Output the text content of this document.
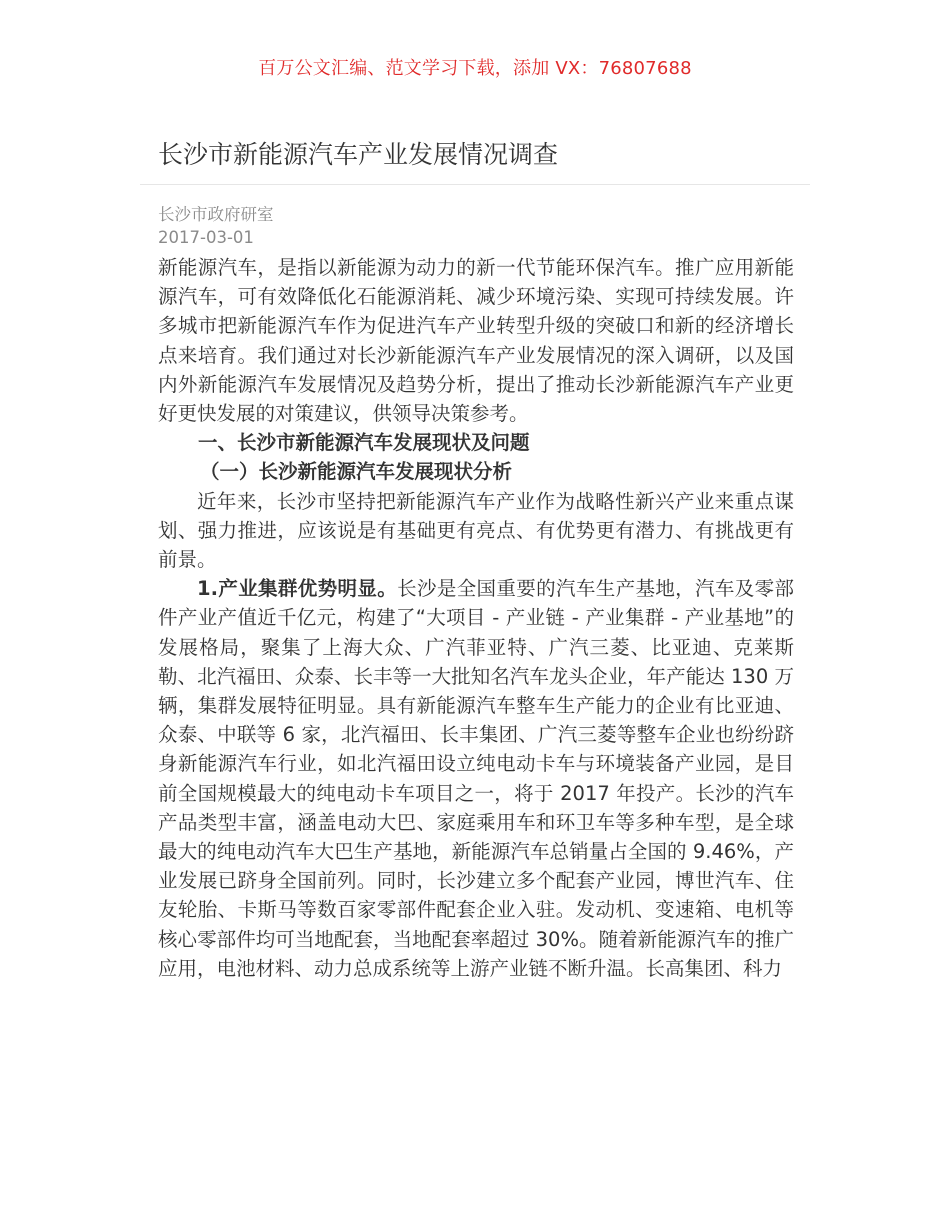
百万公文汇编、范文学习下载，添加 VX：76807688
长沙市新能源汽车产业发展情况调查
长沙市政府研室
2017-03-01

新能源汽车，是指以新能源为动力的新一代节能环保汽车。推广应用新能源汽车，可有效降低化石能源消耗、减少环境污染、实现可持续发展。许多城市把新能源汽车作为促进汽车产业转型升级的突破口和新的经济增长点来培育。我们通过对长沙新能源汽车产业发展情况的深入调研，以及国内外新能源汽车发展情况及趋势分析，提出了推动长沙新能源汽车产业更好更快发展的对策建议，供领导决策参考。

一、长沙市新能源汽车发展现状及问题

（一）长沙新能源汽车发展现状分析

近年来，长沙市坚持把新能源汽车产业作为战略性新兴产业来重点谋划、强力推进，应该说是有基础更有亮点、有优势更有潜力、有挑战更有前景。

1.产业集群优势明显。长沙是全国重要的汽车生产基地，汽车及零部件产业产值近千亿元，构建了“大项目 - 产业链 - 产业集群 - 产业基地”的发展格局，聚集了上海大众、广汽菲亚特、广汽三菱、比亚迪、克莱斯勒、北汽福田、众泰、长丰等一大批知名汽车龙头企业，年产能达 130 万辆，集群发展特征明显。具有新能源汽车整车生产能力的企业有比亚迪、众泰、中联等 6 家，北汽福田、长丰集团、广汽三菱等整车企业也纷纷跻身新能源汽车行业，如北汽福田设立纯电动卡车与环境装备产业园，是目前全国规模最大的纯电动卡车项目之一，将于 2017 年投产。长沙的汽车产品类型丰富，涵盖电动大巴、家庭乘用车和环卫车等多种车型，是全球最大的纯电动汽车大巴生产基地，新能源汽车总销量占全国的 9.46%，产业发展已跻身全国前列。同时，长沙建立多个配套产业园，博世汽车、住友轮胎、卡斯马等数百家零部件配套企业入驻。发动机、变速箱、电机等核心零部件均可当地配套，当地配套率超过 30%。随着新能源汽车的推广应用，电池材料、动力总成系统等上游产业链不断升温。长高集团、科力
